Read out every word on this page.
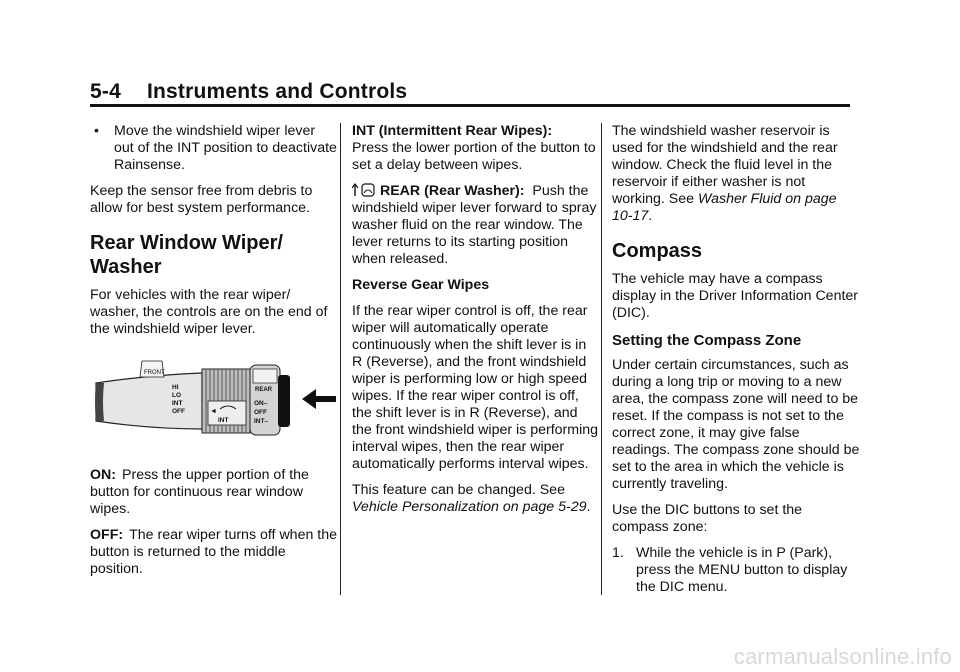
5-4 Instruments and Controls
• Move the windshield wiper lever out of the INT position to deactivate Rainsense.

Keep the sensor free from debris to allow for best system performance.

Rear Window Wiper/ Washer

For vehicles with the rear wiper/ washer, the controls are on the end of the windshield wiper lever.

FRONT
HI
LO
INT
OFF	◄
INT
REAR
ON–
OFF
INT–

ON: Press the upper portion of the button for continuous rear window wipes.

OFF: The rear wiper turns off when the button is returned to the middle position.

INT (Intermittent Rear Wipes):
Press the lower portion of the button to set a delay between wipes.

REAR (Rear Washer): Push the windshield wiper lever forward to spray washer fluid on the rear window. The lever returns to its starting position when released.

Reverse Gear Wipes

If the rear wiper control is off, the rear wiper will automatically operate continuously when the shift lever is in R (Reverse), and the front windshield wiper is performing low or high speed wipes. If the rear wiper control is off, the shift lever is in R (Reverse), and the front windshield wiper is performing interval wipes, then the rear wiper automatically performs interval wipes.

This feature can be changed. See Vehicle Personalization on page 5-29.

The windshield washer reservoir is used for the windshield and the rear window. Check the fluid level in the reservoir if either washer is not working. See Washer Fluid on page 10-17.

Compass

The vehicle may have a compass display in the Driver Information Center (DIC).

Setting the Compass Zone

Under certain circumstances, such as during a long trip or moving to a new area, the compass zone will need to be reset. If the compass is not set to the correct zone, it may give false readings. The compass zone should be set to the area in which the vehicle is currently traveling.

Use the DIC buttons to set the compass zone:

1. While the vehicle is in P (Park), press the MENU button to display the DIC menu.

carmanualsonline.info
